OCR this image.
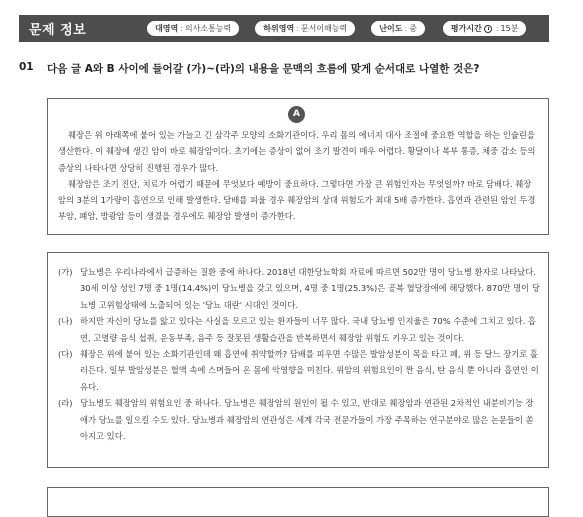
문제 정보	대영역 : 의사소통능력	하위영역 : 문서이해능력	난이도 : 중	평가시간 : 15분
01	다음 글 A와 B 사이에 들어갈 (가)~(라)의 내용을 문맥의 흐름에 맞게 순서대로 나열한 것은?
A

췌장은 위 아래쪽에 붙어 있는 가늘고 긴 삼각주 모양의 소화기관이다. 우리 몸의 에너지 대사 조절에 중요한 역할을 하는 인슐린을 생산한다. 이 췌장에 생긴 암이 바로 췌장암이다. 초기에는 증상이 없어 조기 발견이 매우 어렵다. 황달이나 복부 통증, 체중 감소 등의 증상의 나타나면 상당히 진행된 경우가 많다.

췌장암은 조기 진단, 치료가 어렵기 때문에 무엇보다 예방이 중요하다. 그렇다면 가장 큰 위험인자는 무엇일까? 바로 담배다. 췌장암의 3분의 1가량이 흡연으로 인해 발생한다. 담배를 피울 경우 췌장암의 상대 위험도가 최대 5배 증가한다. 흡연과 관련된 암인 두경부암, 폐암, 방광암 등이 생겼을 경우에도 췌장암 발생이 증가한다.

(가) 당뇨병은 우리나라에서 급증하는 질환 중에 하나다. 2018년 대한당뇨학회 자료에 따르면 502만 명이 당뇨병 환자로 나타났다. 30세 이상 성인 7명 중 1명(14.4%)이 당뇨병을 갖고 있으며, 4명 중 1명(25.3%)은 공복 혈당장애에 해당했다. 870만 명이 당뇨병 고위험상태에 노출되어 있는 '당뇨 대란' 시대인 것이다.
(나) 하지만 자신이 당뇨를 앓고 있다는 사실을 모르고 있는 환자들이 너무 많다. 국내 당뇨병 인지율은 70% 수준에 그치고 있다. 흡연, 고열량 음식 섭취, 운동부족, 음주 등 잘못된 생활습관을 반복하면서 췌장암 위험도 키우고 있는 것이다.
(다) 췌장은 위에 붙어 있는 소화기관인데 왜 흡연에 취약할까? 담배를 피우면 수많은 발암성분이 목을 타고 폐, 위 등 달느 장기로 흘러든다. 일부 발암성분은 혈액 속에 스며들어 온 몸에 악영향을 미친다. 위암의 위험요인이 짠 음식, 탄 음식 뿐 아니라 흡연인 이유다.
(라) 당뇨병도 췌장암의 위험요인 중 하나다. 당뇨병은 췌장암의 원인이 될 수 있고, 반대로 췌장암과 연관된 2차적인 내분비기능 장애가 당뇨를 일으킬 수도 있다. 당뇨병과 췌장암의 연관성은 세계 각국 전문가들이 가장 주목하는 연구분야로 많은 논문들이 쏟아지고 있다.
